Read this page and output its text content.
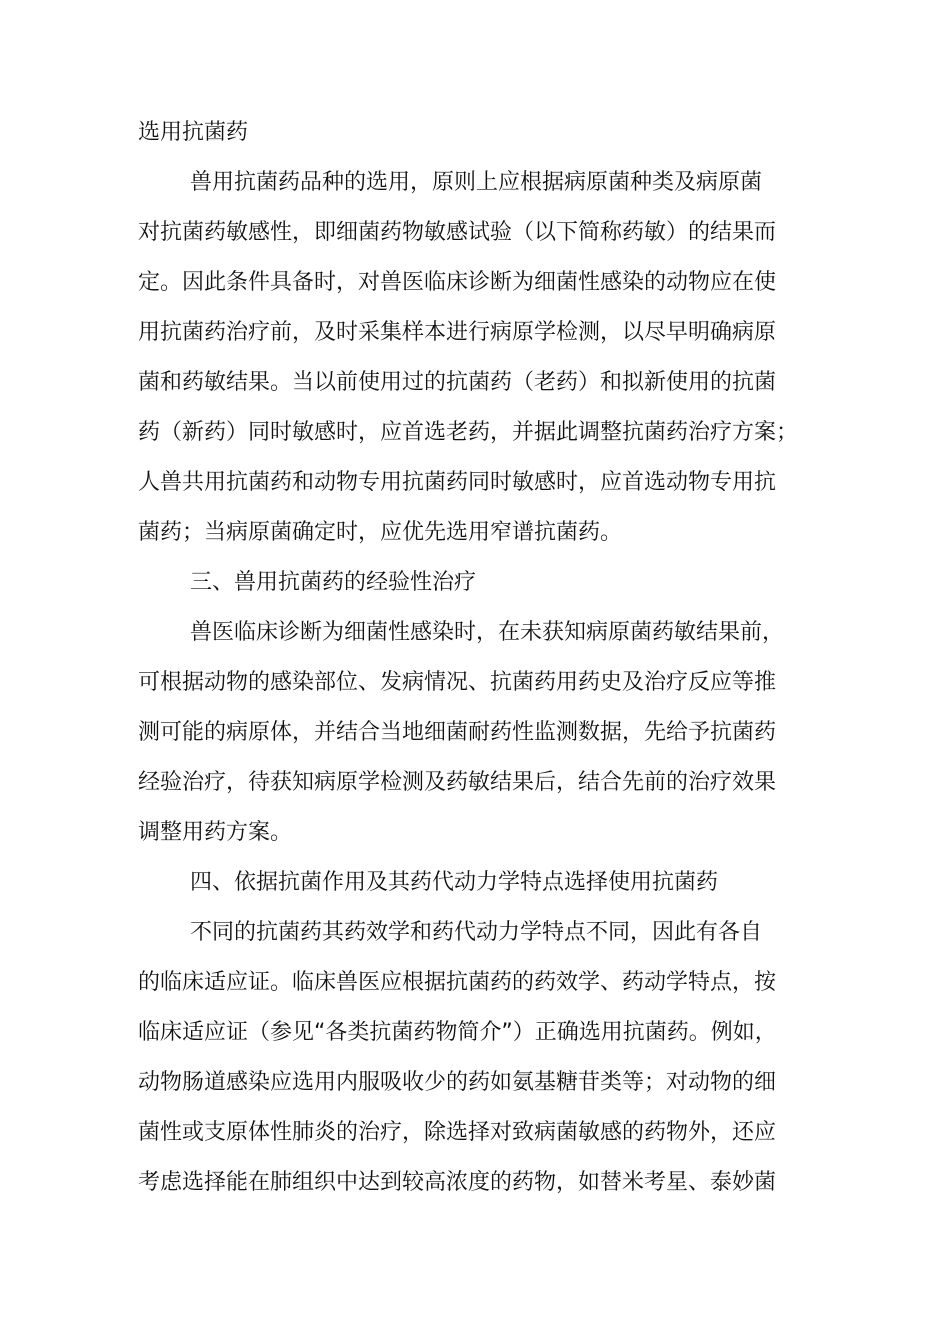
选用抗菌药
兽用抗菌药品种的选用，原则上应根据病原菌种类及病原菌
对抗菌药敏感性，即细菌药物敏感试验（以下简称药敏）的结果而
定。因此条件具备时，对兽医临床诊断为细菌性感染的动物应在使
用抗菌药治疗前，及时采集样本进行病原学检测，以尽早明确病原
菌和药敏结果。当以前使用过的抗菌药（老药）和拟新使用的抗菌
药（新药）同时敏感时，应首选老药，并据此调整抗菌药治疗方案；
人兽共用抗菌药和动物专用抗菌药同时敏感时，应首选动物专用抗
菌药；当病原菌确定时，应优先选用窄谱抗菌药。
三、兽用抗菌药的经验性治疗
兽医临床诊断为细菌性感染时，在未获知病原菌药敏结果前，
可根据动物的感染部位、发病情况、抗菌药用药史及治疗反应等推
测可能的病原体，并结合当地细菌耐药性监测数据，先给予抗菌药
经验治疗，待获知病原学检测及药敏结果后，结合先前的治疗效果
调整用药方案。
四、依据抗菌作用及其药代动力学特点选择使用抗菌药
不同的抗菌药其药效学和药代动力学特点不同，因此有各自
的临床适应证。临床兽医应根据抗菌药的药效学、药动学特点，按
临床适应证（参见“各类抗菌药物简介”）正确选用抗菌药。例如，
动物肠道感染应选用内服吸收少的药如氨基糖苷类等；对动物的细
菌性或支原体性肺炎的治疗，除选择对致病菌敏感的药物外，还应
考虑选择能在肺组织中达到较高浓度的药物，如替米考星、泰妙菌
